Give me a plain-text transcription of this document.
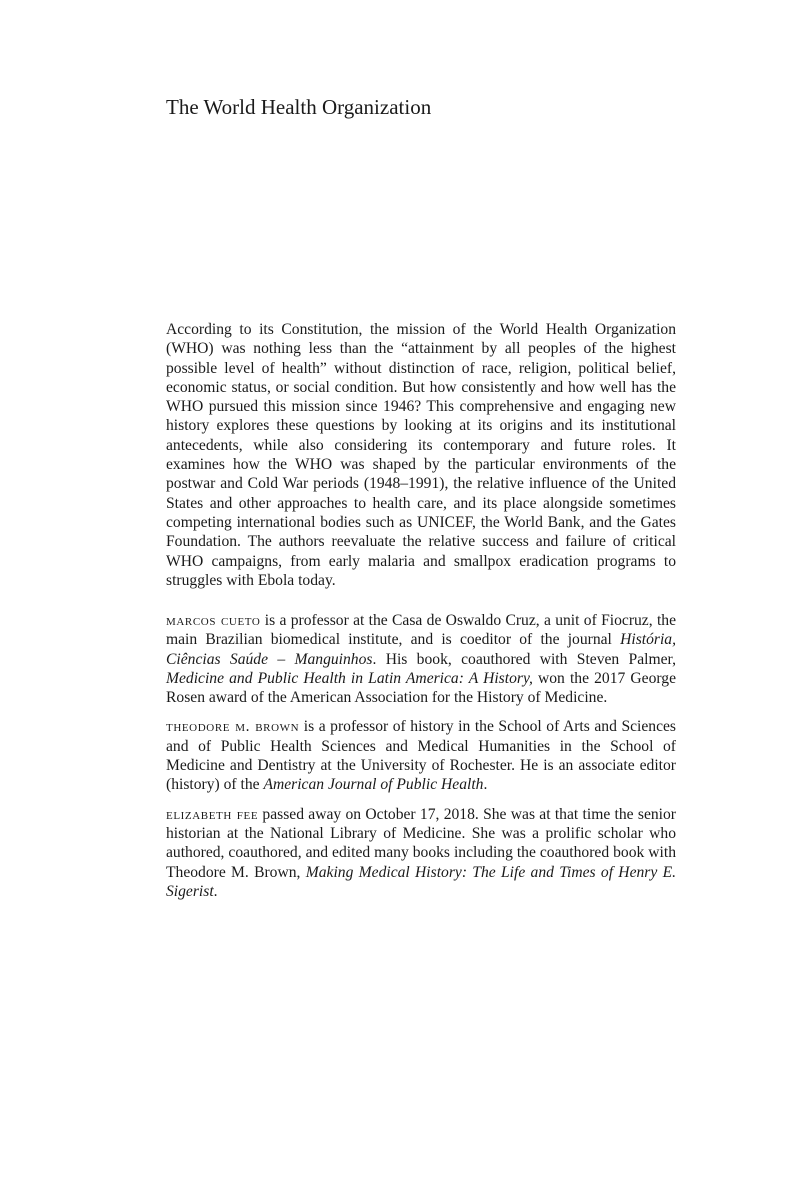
The World Health Organization

According to its Constitution, the mission of the World Health Organization (WHO) was nothing less than the “attainment by all peoples of the highest possible level of health” without distinction of race, religion, political belief, economic status, or social condition. But how consistently and how well has the WHO pursued this mission since 1946? This comprehensive and engaging new history explores these questions by looking at its origins and its institutional antecedents, while also considering its contemporary and future roles. It examines how the WHO was shaped by the particular environments of the postwar and Cold War periods (1948–1991), the relative influence of the United States and other approaches to health care, and its place alongside sometimes competing international bodies such as UNICEF, the World Bank, and the Gates Foundation. The authors reevaluate the relative success and failure of critical WHO campaigns, from early malaria and smallpox eradication programs to struggles with Ebola today.

marcos cueto is a professor at the Casa de Oswaldo Cruz, a unit of Fiocruz, the main Brazilian biomedical institute, and is coeditor of the journal História, Ciências Saúde – Manguinhos. His book, coauthored with Steven Palmer, Medicine and Public Health in Latin America: A History, won the 2017 George Rosen award of the American Association for the History of Medicine.

theodore m. brown is a professor of history in the School of Arts and Sciences and of Public Health Sciences and Medical Humanities in the School of Medicine and Dentistry at the University of Rochester. He is an associate editor (history) of the American Journal of Public Health.

elizabeth fee passed away on October 17, 2018. She was at that time the senior historian at the National Library of Medicine. She was a prolific scholar who authored, coauthored, and edited many books including the coauthored book with Theodore M. Brown, Making Medical History: The Life and Times of Henry E. Sigerist.
